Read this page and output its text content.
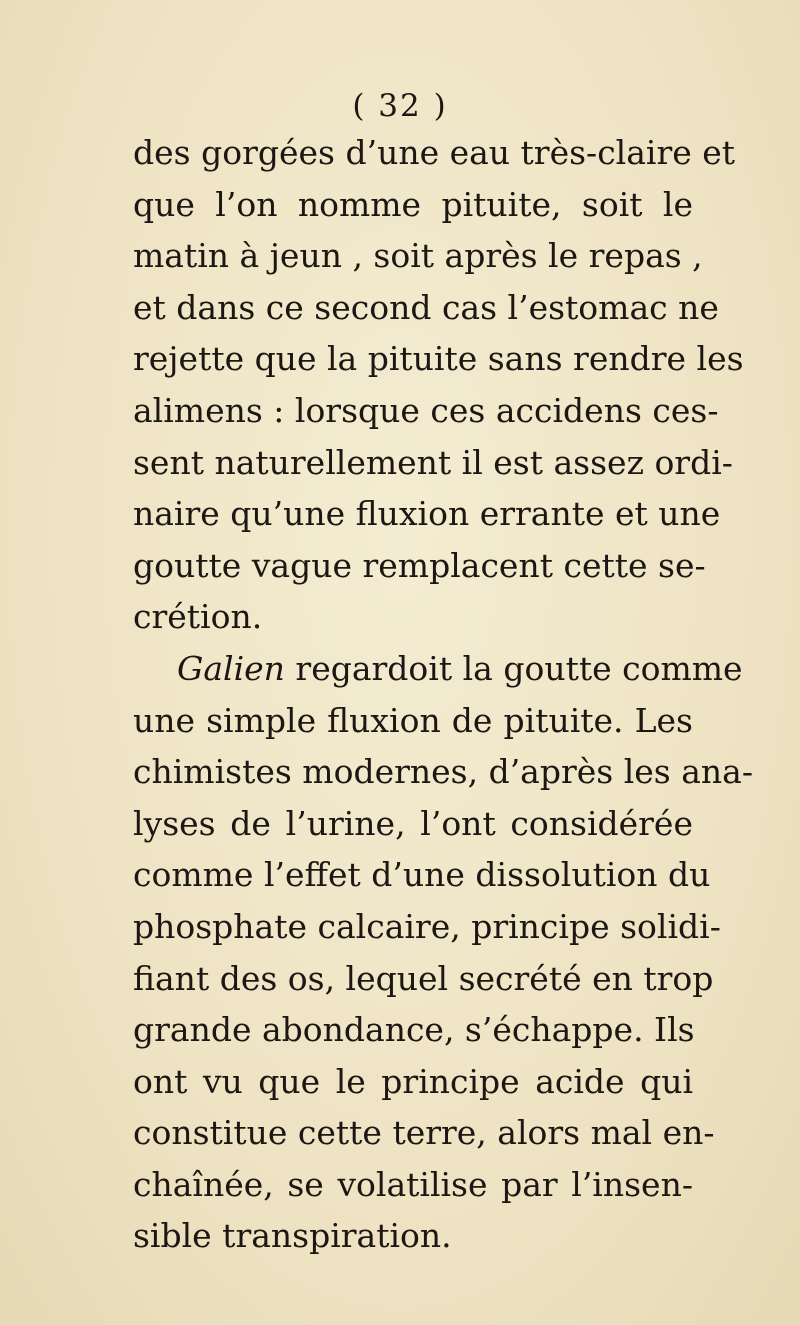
( 32 )
des gorgées d’une eau très-claire et
que l’on nomme pituite, soit le
matin à jeun , soit après le repas ,
et dans ce second cas l’estomac ne
rejette que la pituite sans rendre les
alimens : lorsque ces accidens ces-
sent naturellement il est assez ordi-
naire qu’une fluxion errante et une
goutte vague remplacent cette se-
crétion.
Galien regardoit la goutte comme
une simple fluxion de pituite. Les
chimistes modernes, d’après les ana-
lyses de l’urine, l’ont considérée
comme l’effet d’une dissolution du
phosphate calcaire, principe solidi-
fiant des os, lequel secrété en trop
grande abondance, s’échappe. Ils
ont vu que le principe acide qui
constitue cette terre, alors mal en-
chaînée, se volatilise par l’insen-
sible transpiration.
